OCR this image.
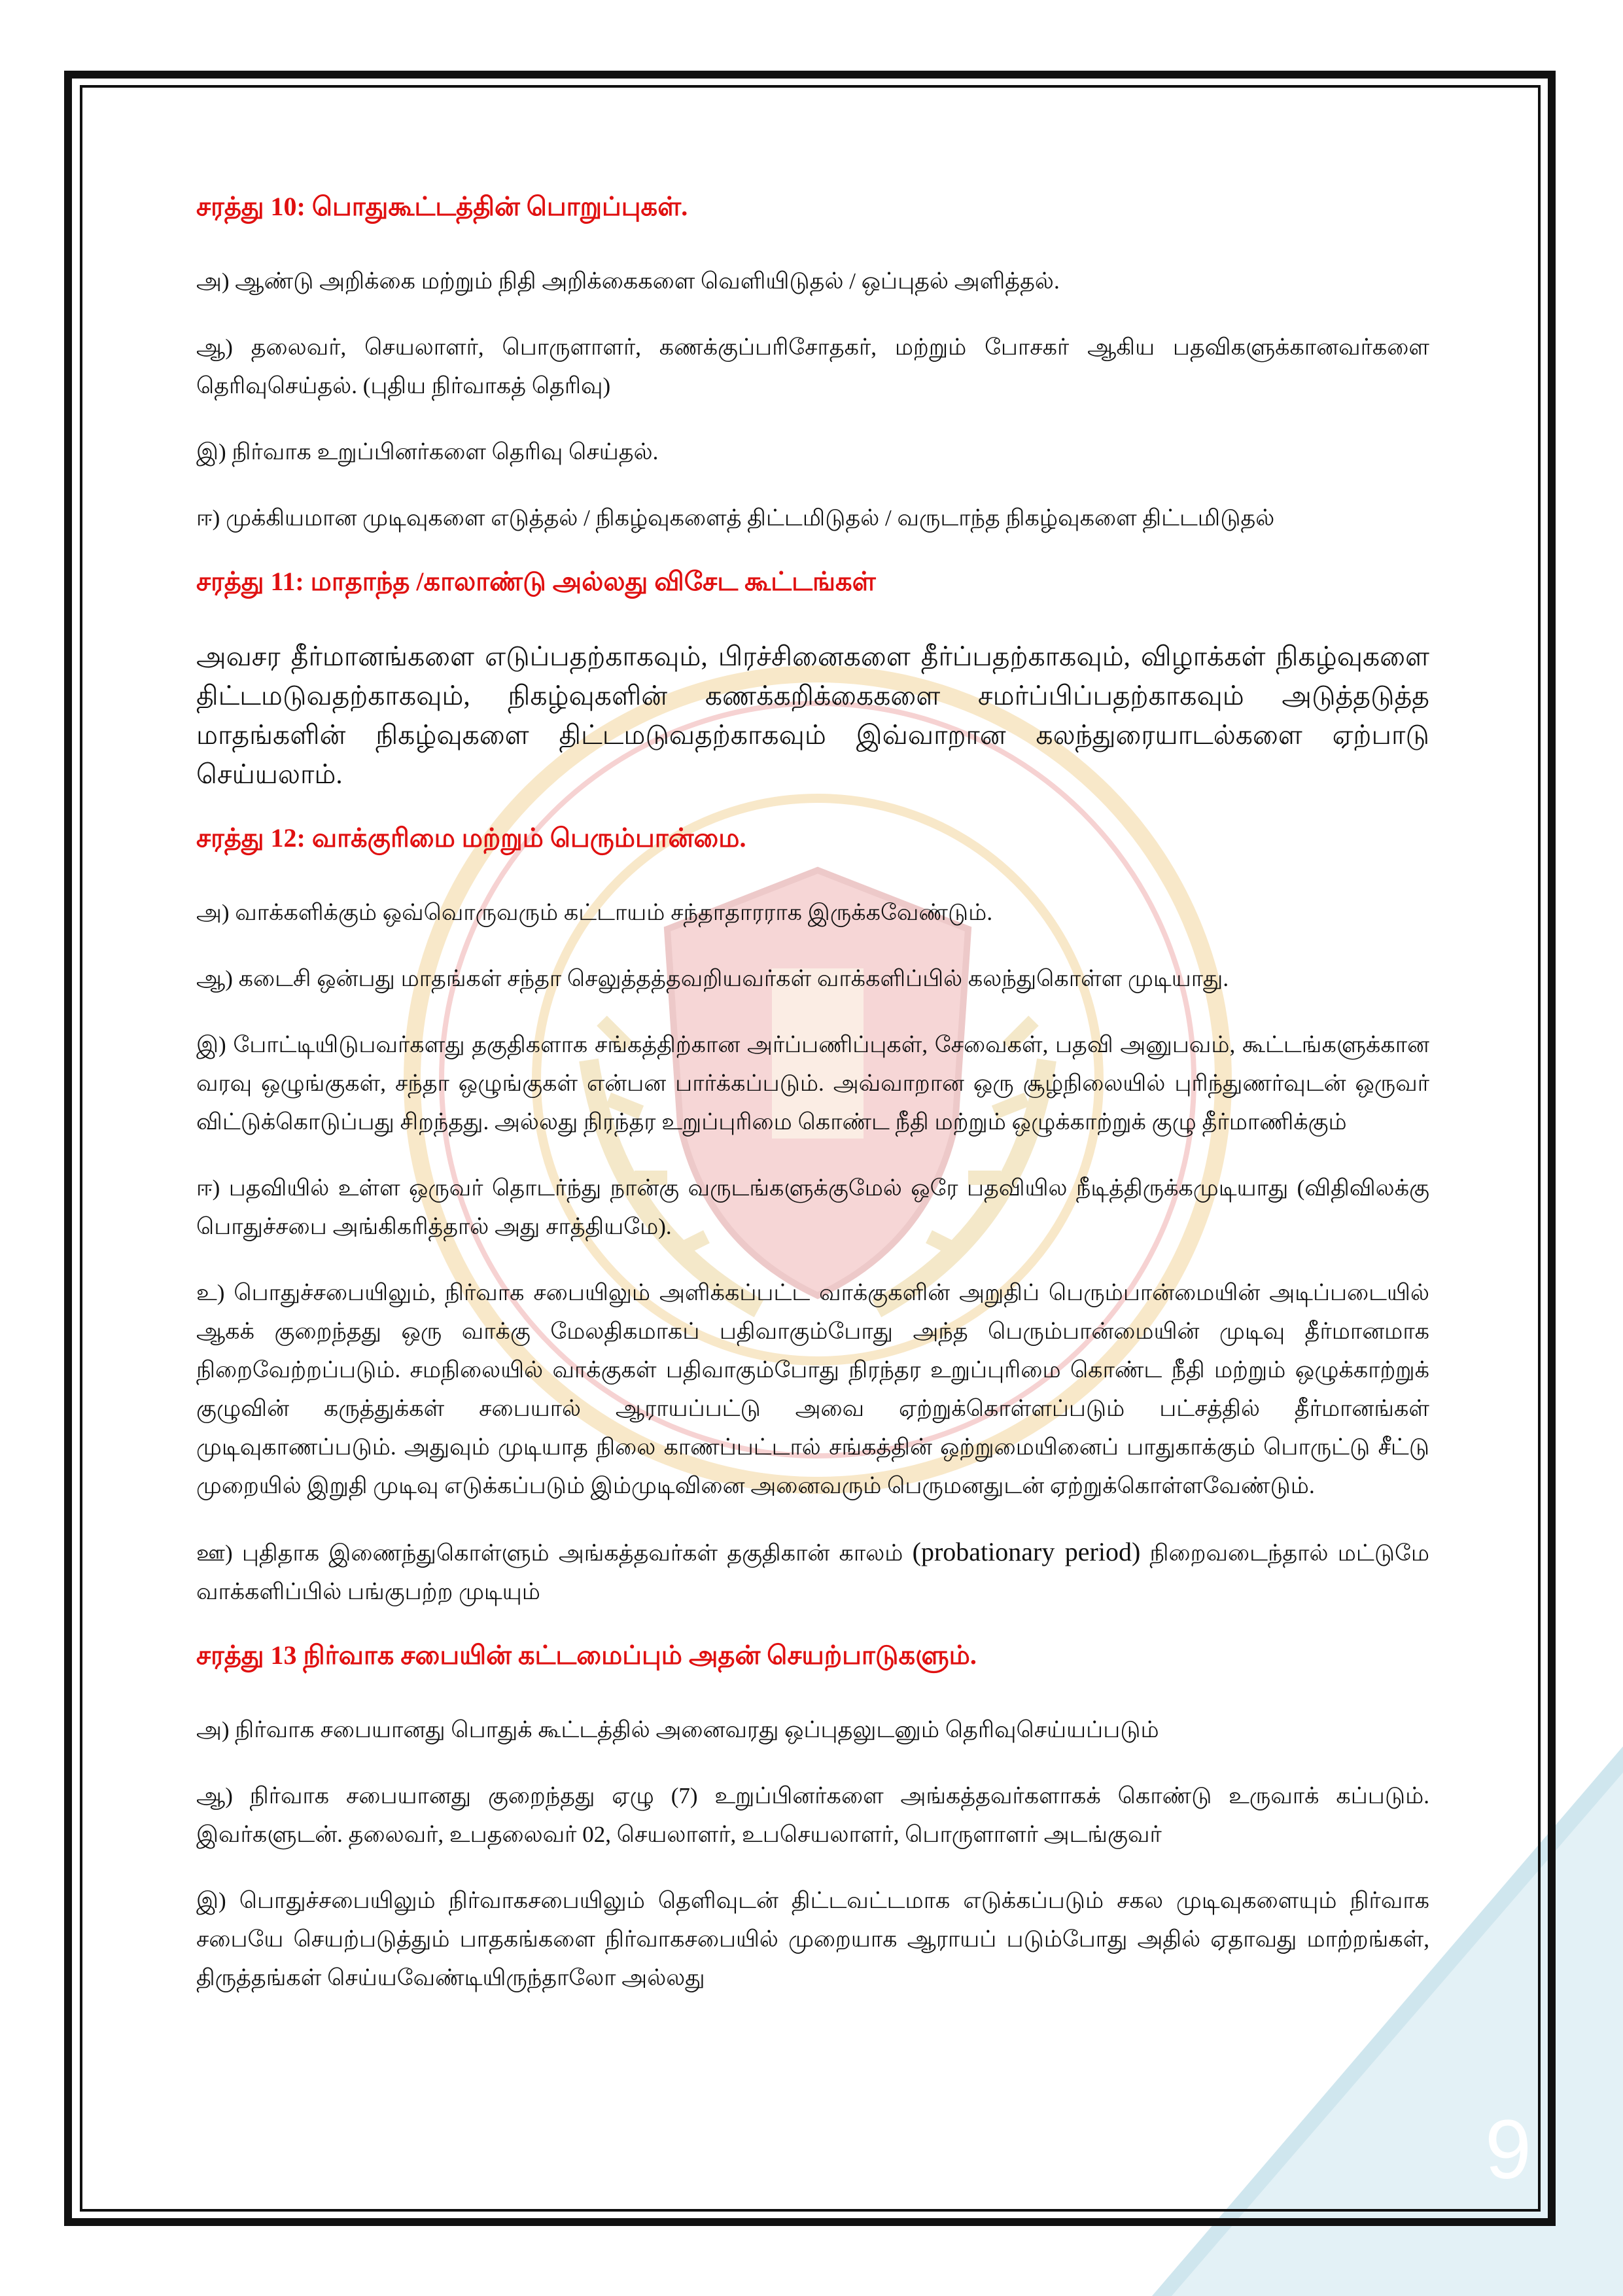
9
சரத்து 10: பொதுகூட்டத்தின் பொறுப்புகள்.

அ) ஆண்டு அறிக்கை மற்றும் நிதி அறிக்கைகளை வெளியிடுதல் / ஒப்புதல் அளித்தல்.

ஆ) தலைவர், செயலாளர், பொருளாளர், கணக்குப்பரிசோதகர், மற்றும் போசகர் ஆகிய பதவிகளுக்கானவர்களை தெரிவுசெய்தல். (புதிய நிர்வாகத் தெரிவு)

இ) நிர்வாக உறுப்பினர்களை தெரிவு செய்தல்.

ஈ) முக்கியமான முடிவுகளை எடுத்தல் / நிகழ்வுகளைத் திட்டமிடுதல் / வருடாந்த நிகழ்வுகளை திட்டமிடுதல்

சரத்து 11: மாதாந்த /காலாண்டு அல்லது விசேட கூட்டங்கள்

அவசர தீர்மானங்களை எடுப்பதற்காகவும், பிரச்சினைகளை தீர்ப்பதற்காகவும், விழாக்கள் நிகழ்வுகளை திட்டமடுவதற்காகவும், நிகழ்வுகளின் கணக்கறிக்கைகளை சமர்ப்பிப்பதற்காகவும் அடுத்தடுத்த மாதங்களின் நிகழ்வுகளை திட்டமடுவதற்காகவும் இவ்வாறான கலந்துரையாடல்களை ஏற்பாடு செய்யலாம்.

சரத்து 12: வாக்குரிமை மற்றும் பெரும்பான்மை.

அ) வாக்களிக்கும் ஒவ்வொருவரும் கட்டாயம் சந்தாதாரராக இருக்கவேண்டும்.

ஆ) கடைசி ஒன்பது மாதங்கள் சந்தா செலுத்தத்தவறியவர்கள் வாக்களிப்பில் கலந்துகொள்ள முடியாது.

இ) போட்டியிடுபவர்களது தகுதிகளாக சங்கத்திற்கான அர்ப்பணிப்புகள், சேவைகள், பதவி அனுபவம், கூட்டங்களுக்கான வரவு ஒழுங்குகள், சந்தா ஒழுங்குகள் என்பன பார்க்கப்படும். அவ்வாறான ஒரு சூழ்நிலையில் புரிந்துணர்வுடன் ஒருவர் விட்டுக்கொடுப்பது சிறந்தது. அல்லது நிரந்தர உறுப்புரிமை கொண்ட நீதி மற்றும் ஒழுக்காற்றுக் குழு தீர்மாணிக்கும்

ஈ) பதவியில் உள்ள ஒருவர் தொடர்ந்து நான்கு வருடங்களுக்குமேல் ஒரே பதவியில நீடித்திருக்கமுடியாது (விதிவிலக்கு பொதுச்சபை அங்கிகரித்தால் அது சாத்தியமே).

உ) பொதுச்சபையிலும், நிர்வாக சபையிலும் அளிக்கப்பட்ட வாக்குகளின் அறுதிப் பெரும்பான்மையின் அடிப்படையில் ஆகக் குறைந்தது ஒரு வாக்கு மேலதிகமாகப் பதிவாகும்போது அந்த பெரும்பான்மையின் முடிவு தீர்மானமாக நிறைவேற்றப்படும். சமநிலையில் வாக்குகள் பதிவாகும்போது நிரந்தர உறுப்புரிமை கொண்ட நீதி மற்றும் ஒழுக்காற்றுக் குழுவின் கருத்துக்கள் சபையால் ஆராயப்பட்டு அவை ஏற்றுக்கொள்ளப்படும் பட்சத்தில் தீர்மானங்கள் முடிவுகாணப்படும். அதுவும் முடியாத நிலை காணப்பட்டால் சங்கத்தின் ஒற்றுமையினைப் பாதுகாக்கும் பொருட்டு சீட்டு முறையில் இறுதி முடிவு எடுக்கப்படும் இம்முடிவினை அனைவரும் பெருமனதுடன் ஏற்றுக்கொள்ளவேண்டும்.

ஊ) புதிதாக இணைந்துகொள்ளும் அங்கத்தவர்கள் தகுதிகான் காலம் (probationary period) நிறைவடைந்தால் மட்டுமே வாக்களிப்பில் பங்குபற்ற முடியும்

சரத்து 13 நிர்வாக சபையின் கட்டமைப்பும் அதன் செயற்பாடுகளும்.

அ) நிர்வாக சபையானது பொதுக் கூட்டத்தில் அனைவரது ஒப்புதலுடனும் தெரிவுசெய்யப்படும்

ஆ) நிர்வாக சபையானது குறைந்தது ஏழு (7) உறுப்பினர்களை அங்கத்தவர்களாகக் கொண்டு உருவாக் கப்படும். இவர்களுடன். தலைவர், உபதலைவர் 02, செயலாளர், உபசெயலாளர், பொருளாளர் அடங்குவர்

இ) பொதுச்சபையிலும் நிர்வாகசபையிலும் தெளிவுடன் திட்டவட்டமாக எடுக்கப்படும் சகல முடிவுகளையும் நிர்வாக சபையே செயற்படுத்தும் பாதகங்களை நிர்வாகசபையில் முறையாக ஆராயப் படும்போது அதில் ஏதாவது மாற்றங்கள், திருத்தங்கள் செய்யவேண்டியிருந்தாலோ அல்லது
